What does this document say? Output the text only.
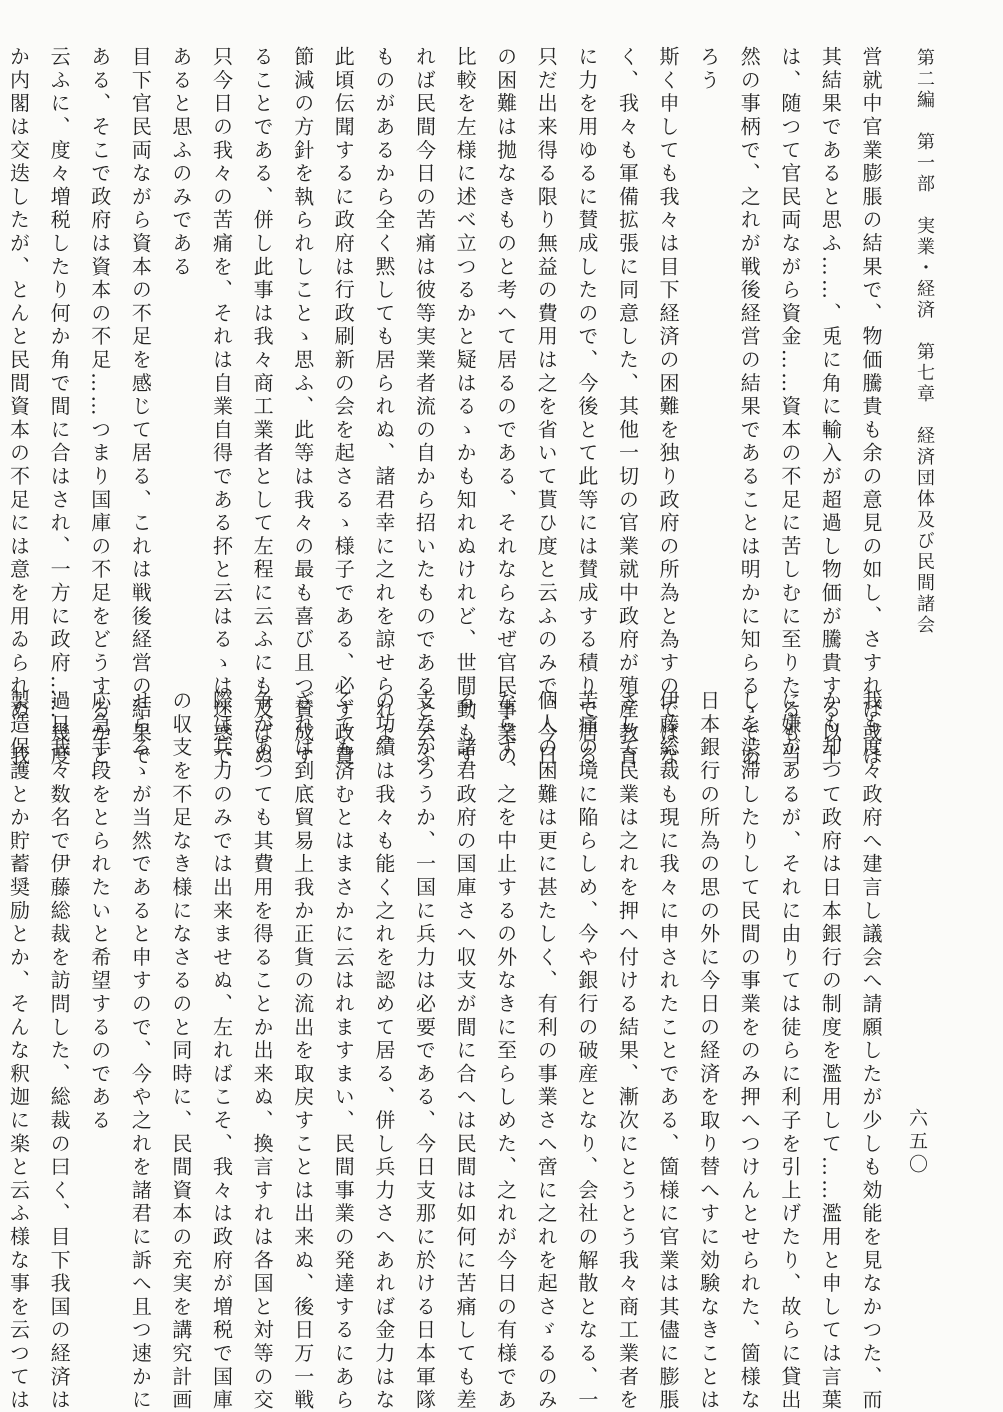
第二編　第一部　実業・経済　第七章　経済団体及び民間諸会
六五〇
営就中官業膨脹の結果で、物価騰貴も余の意見の如し、さすれば或は
其結果であると思ふ……、兎に角に輸入が超過し物価が騰貴する以上
は、随つて官民両ながら資金……資本の不足に苦しむに至りたるも当
然の事柄で、之れが戦後経営の結果であることは明かに知らるゝであ
ろう
斯く申しても我々は目下経済の困難を独り政府の所為と為すのではな
く、我々も軍備拡張に同意した、其他一切の官業就中政府が殖産教育
に力を用ゆるに賛成したので、今後とて此等には賛成する積りで居る
只だ出来得る限り無益の費用は之を省いて貰ひ度と云ふのみで、今日
の困難は拋なきものと考へて居るのである、それならなぜ官民事業の
比較を左様に述べ立つるかと疑はるゝかも知れぬけれど、世間動もす
れば民間今日の苦痛は彼等実業者流の自から招いたものであると云ふ
ものがあるから全く黙しても居られぬ、諸君幸に之れを諒せられよ
此頃伝聞するに政府は行政刷新の会を起さるゝ様子である、必ず政費
節減の方針を執られしことゝ思ふ、此等は我々の最も喜び且つ賛成す
ることである、併し此事は我々商工業者として左程に云ふにも及ばぬ
只今日の我々の苦痛を、それは自業自得である抔と云はるゝは迷惑で
あると思ふのみである
目下官民両ながら資本の不足を感じて居る、これは戦後経営の結果で
ある、そこで政府は資本の不足……つまり国庫の不足をどうするかと
云ふに、度々増税したり何か角で間に合はされ、一方に政府……幾度
か内閣は交迭したが、とんと民間資本の不足には意を用ゐられぬ、我
我も度々政府へ建言し議会へ請願したが少しも効能を見なかつた、而
かも却つて政府は日本銀行の制度を濫用して……濫用と申しては言葉
に嫌があるが、それに由りては徒らに利子を引上げたり、故らに貸出
しを渋滞したりして民間の事業をのみ押へつけんとせられた、箇様な
日本銀行の所為の思の外に今日の経済を取り替へすに効験なきことは
伊藤総裁も現に我々に申されたことである、箇様に官業は其儘に膨脹
さして民業は之れを押へ付ける結果、漸次にとうとう我々商工業者を
苦痛の境に陥らしめ、今や銀行の破産となり、会社の解散となる、一
個人の困難は更に甚たしく、有利の事業さへ啻に之れを起さゞるのみ
ならず、之を中止するの外なきに至らしめた、之れが今日の有様であ
る、諸君政府の国庫さへ収支が間に合へは民間は如何に苦痛しても差
支なかろうか、一国に兵力は必要である、今日支那に於ける日本軍隊
の功績は我々も能く之れを認めて居る、併し兵力さへあれば金力はな
くても済むとはまさかに云はれますまい、民間事業の発達するにあら
ざれは到底貿易上我か正貨の流出を取戻すことは出来ぬ、後日万一戦
争があつても其費用を得ることか出来ぬ、換言すれは各国と対等の交
際は兵力のみでは出来ませぬ、左ればこそ、我々は政府が増税で国庫
の収支を不足なき様になさるのと同時に、民間資本の充実を講究計画
せらるゝが当然であると申すので、今や之れを諸君に訴へ且つ速かに
応急手段をとられたいと希望するのである
過日我々数名で伊藤総裁を訪問した、総裁の曰く、目下我国の経済は
製造保護とか貯蓄奨励とか、そんな釈迦に楽と云ふ様な事を云つては
